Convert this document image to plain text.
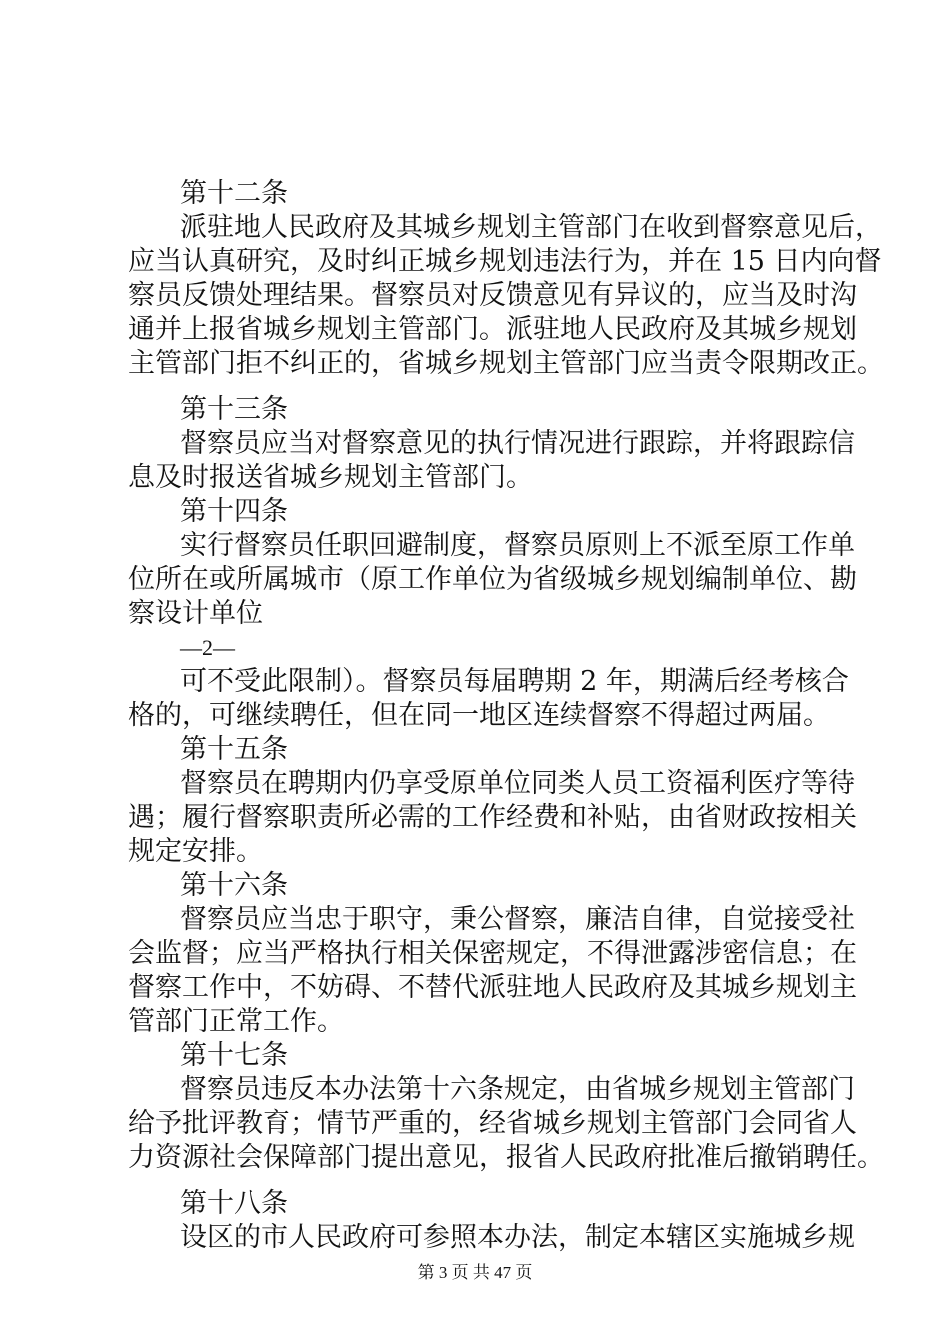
第十二条
派驻地人民政府及其城乡规划主管部门在收到督察意见后，
应当认真研究，及时纠正城乡规划违法行为，并在 15 日内向督
察员反馈处理结果。督察员对反馈意见有异议的，应当及时沟
通并上报省城乡规划主管部门。派驻地人民政府及其城乡规划
主管部门拒不纠正的，省城乡规划主管部门应当责令限期改正。
第十三条
督察员应当对督察意见的执行情况进行跟踪，并将跟踪信
息及时报送省城乡规划主管部门。
第十四条
实行督察员任职回避制度，督察员原则上不派至原工作单
位所在或所属城市（原工作单位为省级城乡规划编制单位、勘
察设计单位
—2—
可不受此限制）。督察员每届聘期 2 年，期满后经考核合
格的，可继续聘任，但在同一地区连续督察不得超过两届。
第十五条
督察员在聘期内仍享受原单位同类人员工资福利医疗等待
遇；履行督察职责所必需的工作经费和补贴，由省财政按相关
规定安排。
第十六条
督察员应当忠于职守，秉公督察，廉洁自律，自觉接受社
会监督；应当严格执行相关保密规定，不得泄露涉密信息；在
督察工作中，不妨碍、不替代派驻地人民政府及其城乡规划主
管部门正常工作。
第十七条
督察员违反本办法第十六条规定，由省城乡规划主管部门
给予批评教育；情节严重的，经省城乡规划主管部门会同省人
力资源社会保障部门提出意见，报省人民政府批准后撤销聘任。
第十八条
设区的市人民政府可参照本办法，制定本辖区实施城乡规
第 3 页 共 47 页
